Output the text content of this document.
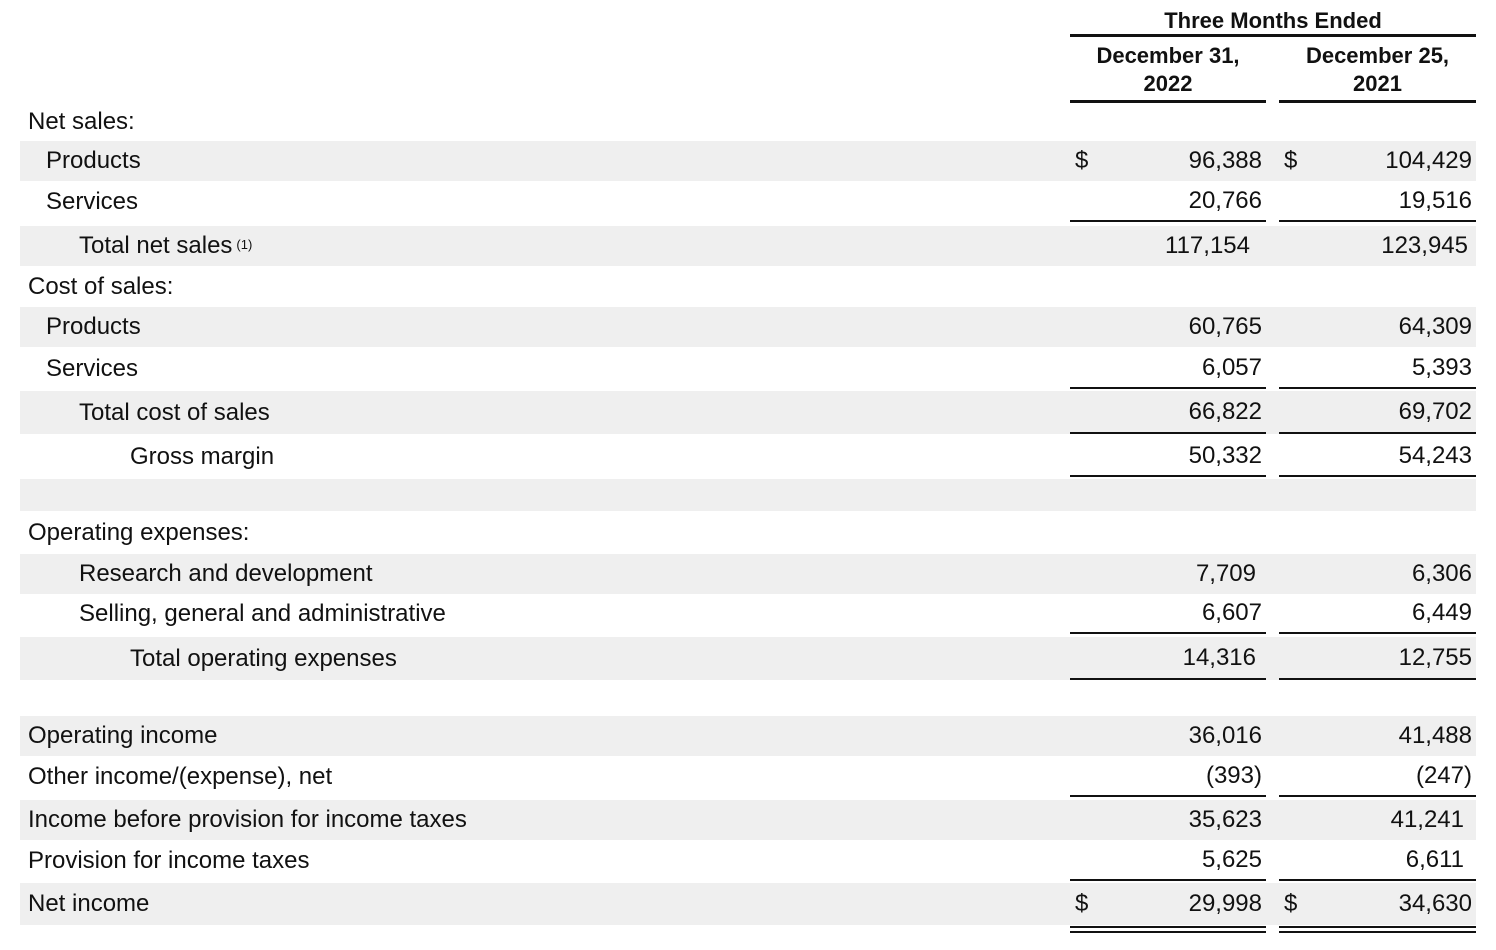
Three Months Ended
December 31,
2022
December 25,
2021
Net sales:
Products	$	96,388 $	104,429
Services	20,766	19,516
Total net sales $^{(1)}$	117,154	123,945
Cost of sales:
Products	60,765	64,309
Services	6,057	5,393
Total cost of sales	66,822	69,702
Gross margin	50,332	54,243
Operating expenses:
Research and development	7,709	6,306
Selling, general and administrative	6,607	6,449
Total operating expenses	14,316	12,755
Operating income	36,016	41,488
Other income/(expense), net	(393)	(247)
Income before provision for income taxes	35,623	41,241
Provision for income taxes	5,625	6,611
Net income	$	29,998 $	34,630
